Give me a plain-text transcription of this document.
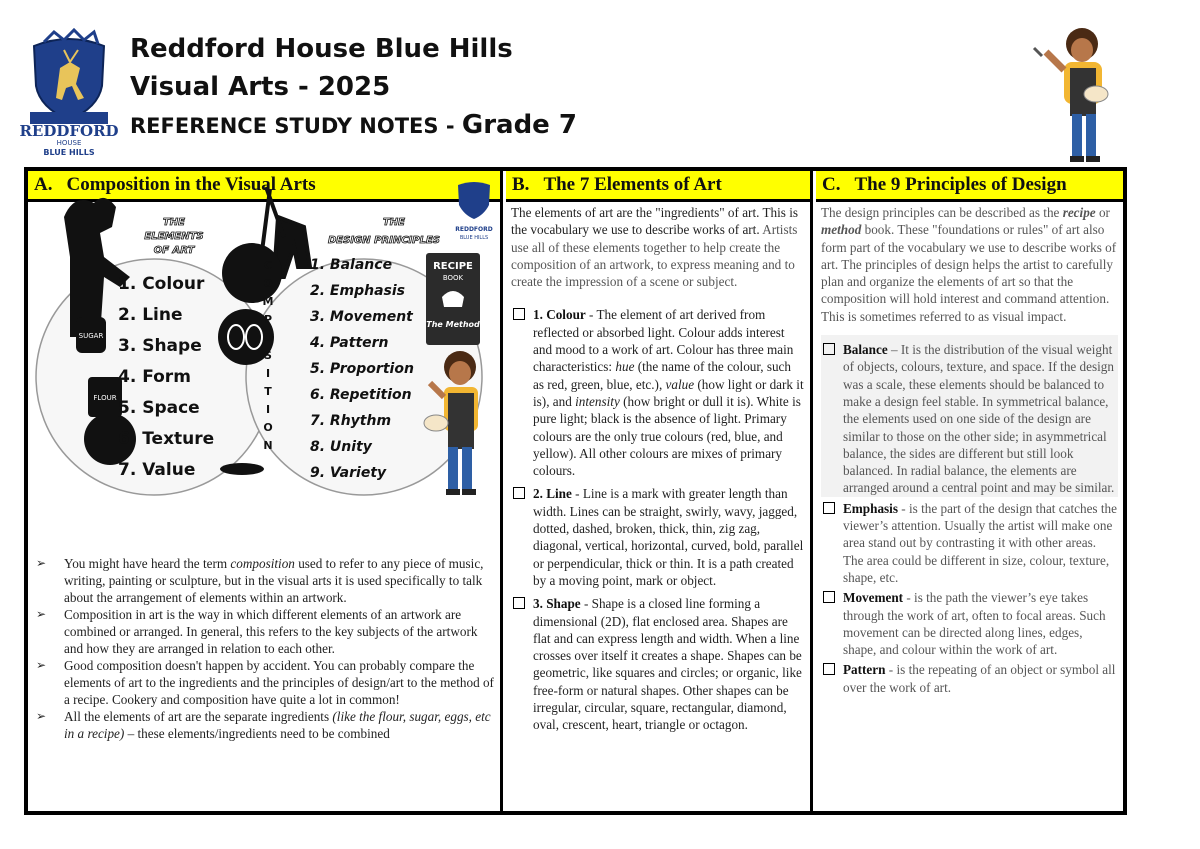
REDDFORD
HOUSE
BLUE HILLS
Reddford House Blue Hills
Visual Arts - 2025
REFERENCE STUDY NOTES - Grade 7
A. Composition in the Visual Arts
SUGAR
FLOUR
THE
ELEMENTS
OF ART
THE
DESIGN PRINCIPLES
1. Colour
2. Line
3. Shape
4. Form
5. Space
6. Texture
7. Value
C
O
M
P
O
S
I
T
I
O
N
1. Balance
2. Emphasis
3. Movement
4. Pattern
5. Proportion
6. Repetition
7. Rhythm
8. Unity
9. Variety
RECIPE
BOOK
The Method
REDDFORD
BLUE HILLS
➢ You might have heard the term composition used to refer to any piece of music, writing, painting or sculpture, but in the visual arts it is used specifically to talk about the arrangement of elements within an artwork.
➢ Composition in art is the way in which different elements of an artwork are combined or arranged. In general, this refers to the key subjects of the artwork and how they are arranged in relation to each other.
➢ Good composition doesn't happen by accident. You can probably compare the elements of art to the ingredients and the principles of design/art to the method of a recipe. Cookery and composition have quite a lot in common!
➢ All the elements of art are the separate ingredients (like the flour, sugar, eggs, etc in a recipe) – these elements/ingredients need to be combined
B. The 7 Elements of Art
The elements of art are the "ingredients" of art. This is the vocabulary we use to describe works of art. Artists use all of these elements together to help create the composition of an artwork, to express meaning and to create the impression of a scene or subject.
1. Colour - The element of art derived from reflected or absorbed light. Colour adds interest and mood to a work of art. Colour has three main characteristics: hue (the name of the colour, such as red, green, blue, etc.), value (how light or dark it is), and intensity (how bright or dull it is). White is pure light; black is the absence of light. Primary colours are the only true colours (red, blue, and yellow). All other colours are mixes of primary colours.
2. Line - Line is a mark with greater length than width. Lines can be straight, swirly, wavy, jagged, dotted, dashed, broken, thick, thin, zig zag, diagonal, vertical, horizontal, curved, bold, parallel or perpendicular, thick or thin. It is a path created by a moving point, mark or object.
3. Shape - Shape is a closed line forming a dimensional (2D), flat enclosed area. Shapes are flat and can express length and width. When a line crosses over itself it creates a shape. Shapes can be geometric, like squares and circles; or organic, like free-form or natural shapes. Other shapes can be irregular, circular, square, rectangular, diamond, oval, crescent, heart, triangle or octagon.
C. The 9 Principles of Design
The design principles can be described as the recipe or method book. These "foundations or rules" of art also form part of the vocabulary we use to describe works of art. The principles of design helps the artist to carefully plan and organize the elements of art so that the composition will hold interest and command attention. This is sometimes referred to as visual impact.
Balance – It is the distribution of the visual weight of objects, colours, texture, and space. If the design was a scale, these elements should be balanced to make a design feel stable. In symmetrical balance, the elements used on one side of the design are similar to those on the other side; in asymmetrical balance, the sides are different but still look balanced. In radial balance, the elements are arranged around a central point and may be similar.
Emphasis - is the part of the design that catches the viewer’s attention. Usually the artist will make one area stand out by contrasting it with other areas. The area could be different in size, colour, texture, shape, etc.
Movement - is the path the viewer’s eye takes through the work of art, often to focal areas. Such movement can be directed along lines, edges, shape, and colour within the work of art.
Pattern - is the repeating of an object or symbol all over the work of art.
